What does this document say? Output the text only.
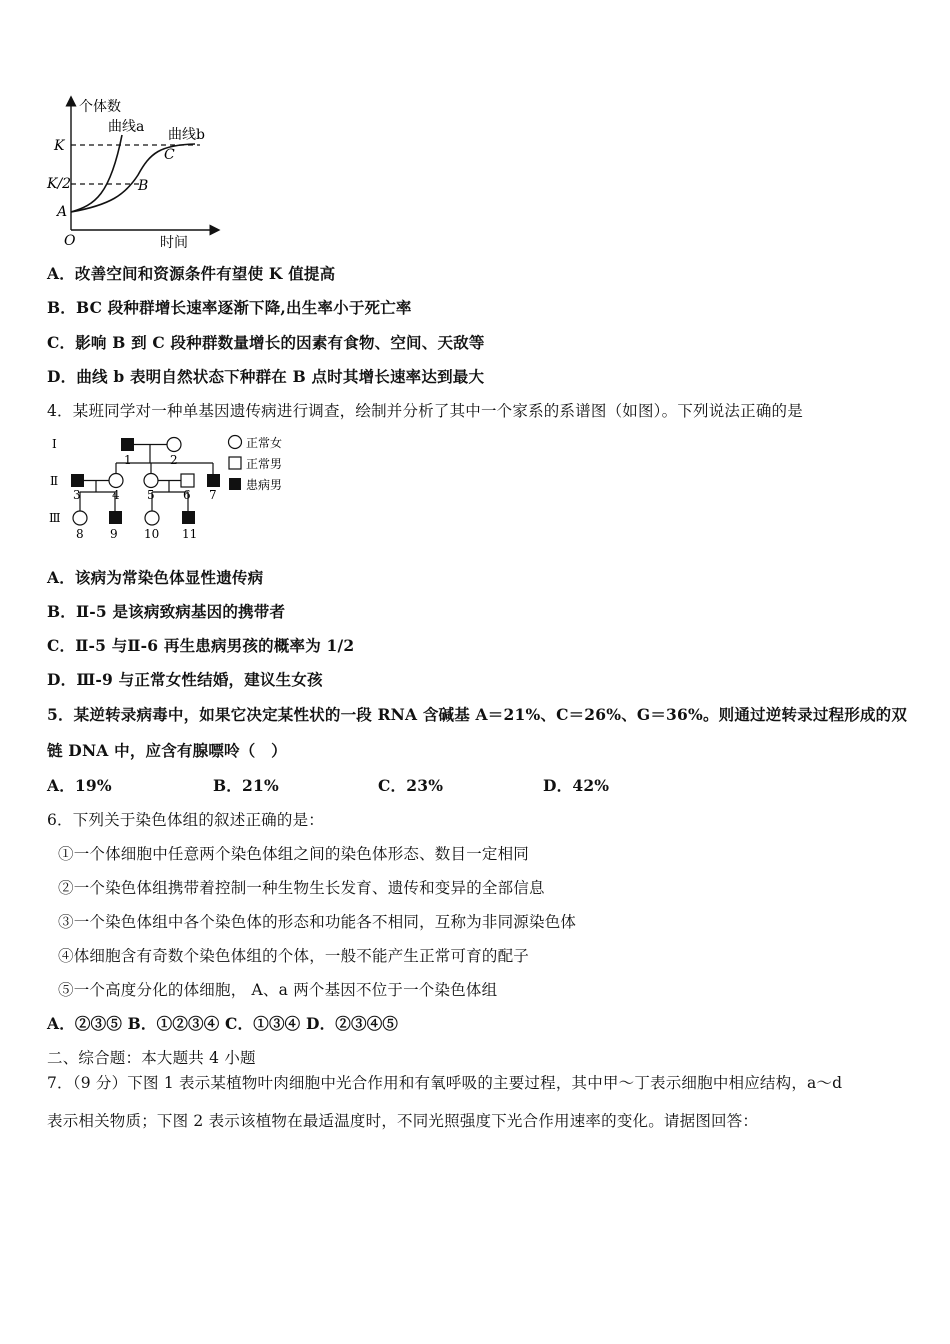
个体数
时间
O
K
K/2
曲线a 曲线b
A
B
C
A．改善空间和资源条件有望使 K 值提高
B．BC 段种群增长速率逐渐下降,出生率小于死亡率
C．影响 B 到 C 段种群数量增长的因素有食物、空间、天敌等
D．曲线 b 表明自然状态下种群在 B 点时其增长速率达到最大
4．某班同学对一种单基因遗传病进行调查，绘制并分析了其中一个家系的系谱图（如图）。下列说法正确的是
Ⅰ
Ⅱ
Ⅲ
1	2
3	4 5 6 7
8 9 10 11
正常女
正常男
患病男
A．该病为常染色体显性遗传病
B．Ⅱ-5 是该病致病基因的携带者
C．Ⅱ-5 与Ⅱ-6 再生患病男孩的概率为 1/2
D．Ⅲ-9 与正常女性结婚，建议生女孩
5．某逆转录病毒中，如果它决定某性状的一段 RNA 含碱基 A＝21%、C＝26%、G＝36%。则通过逆转录过程形成的双
链 DNA 中，应含有腺嘌呤（　）
A．19%	B．21%	C．23%	D．42%
6．下列关于染色体组的叙述正确的是：
①一个体细胞中任意两个染色体组之间的染色体形态、数目一定相同
②一个染色体组携带着控制一种生物生长发育、遗传和变异的全部信息
③一个染色体组中各个染色体的形态和功能各不相同，互称为非同源染色体
④体细胞含有奇数个染色体组的个体，一般不能产生正常可育的配子
⑤一个高度分化的体细胞， A、a 两个基因不位于一个染色体组
A．②③⑤ B．①②③④ C．①③④ D．②③④⑤
二、综合题：本大题共 4 小题
7．（9 分）下图 1 表示某植物叶肉细胞中光合作用和有氧呼吸的主要过程，其中甲～丁表示细胞中相应结构，a～d
表示相关物质；下图 2 表示该植物在最适温度时，不同光照强度下光合作用速率的变化。请据图回答：
